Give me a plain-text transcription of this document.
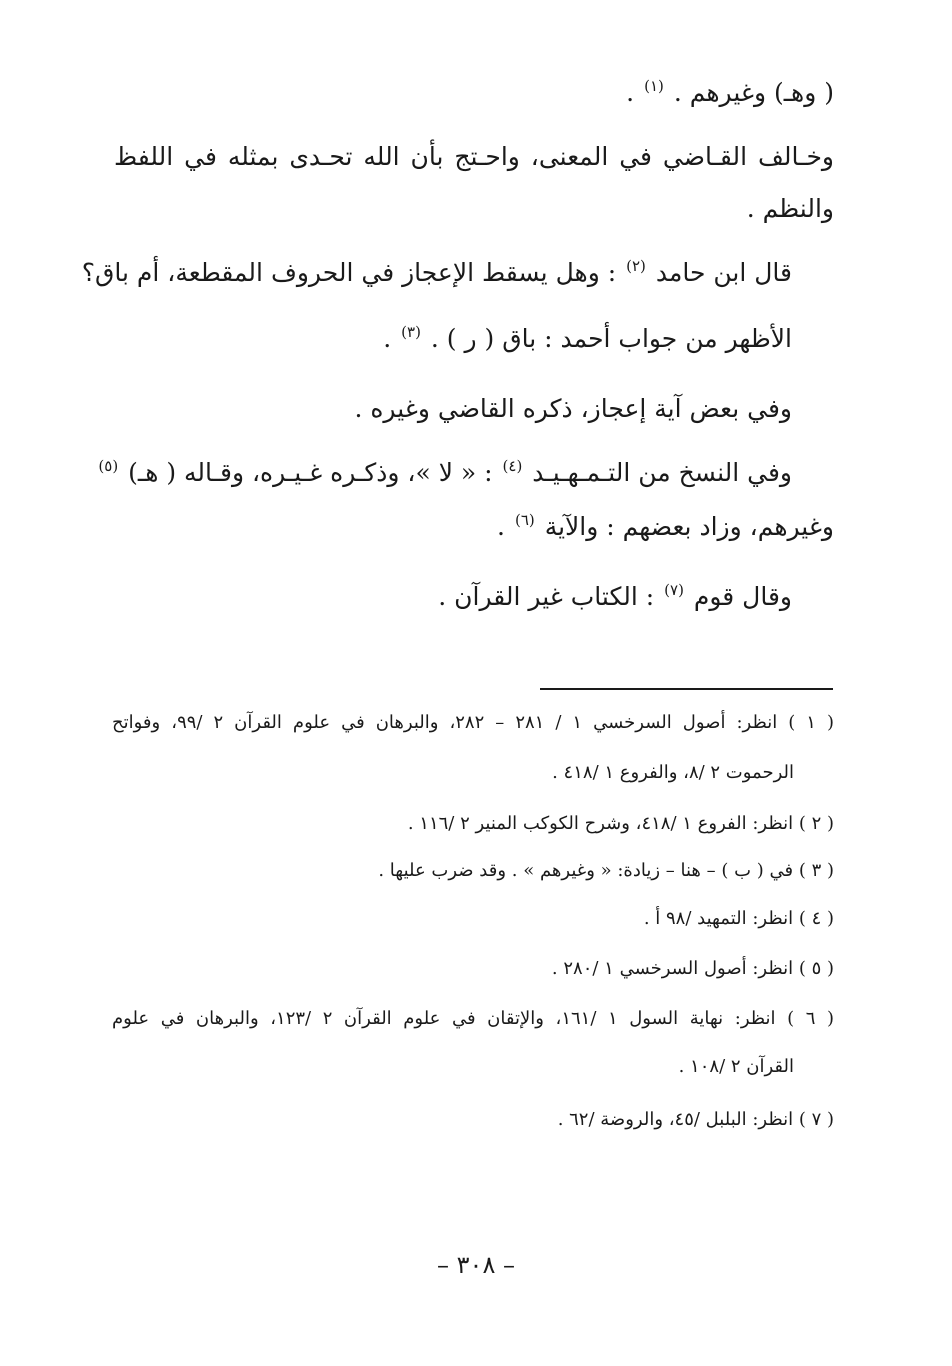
( وهـ) وغيرهم . $^{(١)}$ .
وخـالف القـاضي في المعنى، واحـتج بأن الله تحـدى بمثله في اللفظ
والنظم .
قال ابن حامد $^{(٢)}$ : وهل يسقط الإعجاز في الحروف المقطعة، أم باق؟
الأظهر من جواب أحمد : باق ( ر ) . $^{(٣)}$ .
وفي بعض آية إعجاز، ذكره القاضي وغيره .
وفي النسخ من التـمـهـيـد $^{(٤)}$ : « لا »، وذكـره غـيـره، وقـاله ( هـ) $^{(٥)}$
وغيرهم، وزاد بعضهم : والآية $^{(٦)}$ .
وقال قوم $^{(٧)}$ : الكتاب غير القرآن .
( ١ ) انظر: أصول السرخسي ١ / ٢٨١ – ٢٨٢، والبرهان في علوم القرآن ٢ /٩٩، وفواتح
الرحموت ٢ /٨، والفروع ١ /٤١٨ .
( ٢ ) انظر: الفروع ١ /٤١٨، وشرح الكوكب المنير ٢ /١١٦ .
( ٣ ) في ( ب ) – هنا – زيادة: « وغيرهم » . وقد ضرب عليها .
( ٤ ) انظر: التمهيد /٩٨ أ .
( ٥ ) انظر: أصول السرخسي ١ /٢٨٠ .
( ٦ ) انظر: نهاية السول ١ /١٦١، والإتقان في علوم القرآن ٢ /١٢٣، والبرهان في علوم
القرآن ٢ /١٠٨ .
( ٧ ) انظر: البلبل /٤٥، والروضة /٦٢ .
– ٣٠٨ –
